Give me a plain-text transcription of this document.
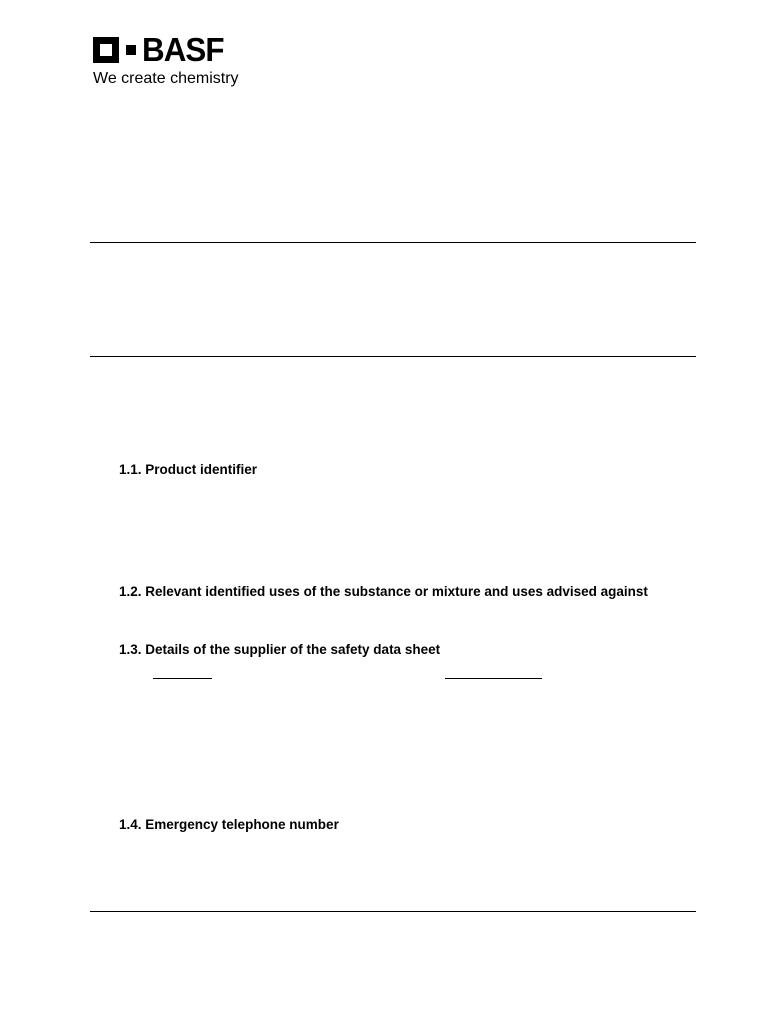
BASF
We create chemistry
1.1. Product identifier
1.2. Relevant identified uses of the substance or mixture and uses advised against
1.3. Details of the supplier of the safety data sheet
1.4. Emergency telephone number
